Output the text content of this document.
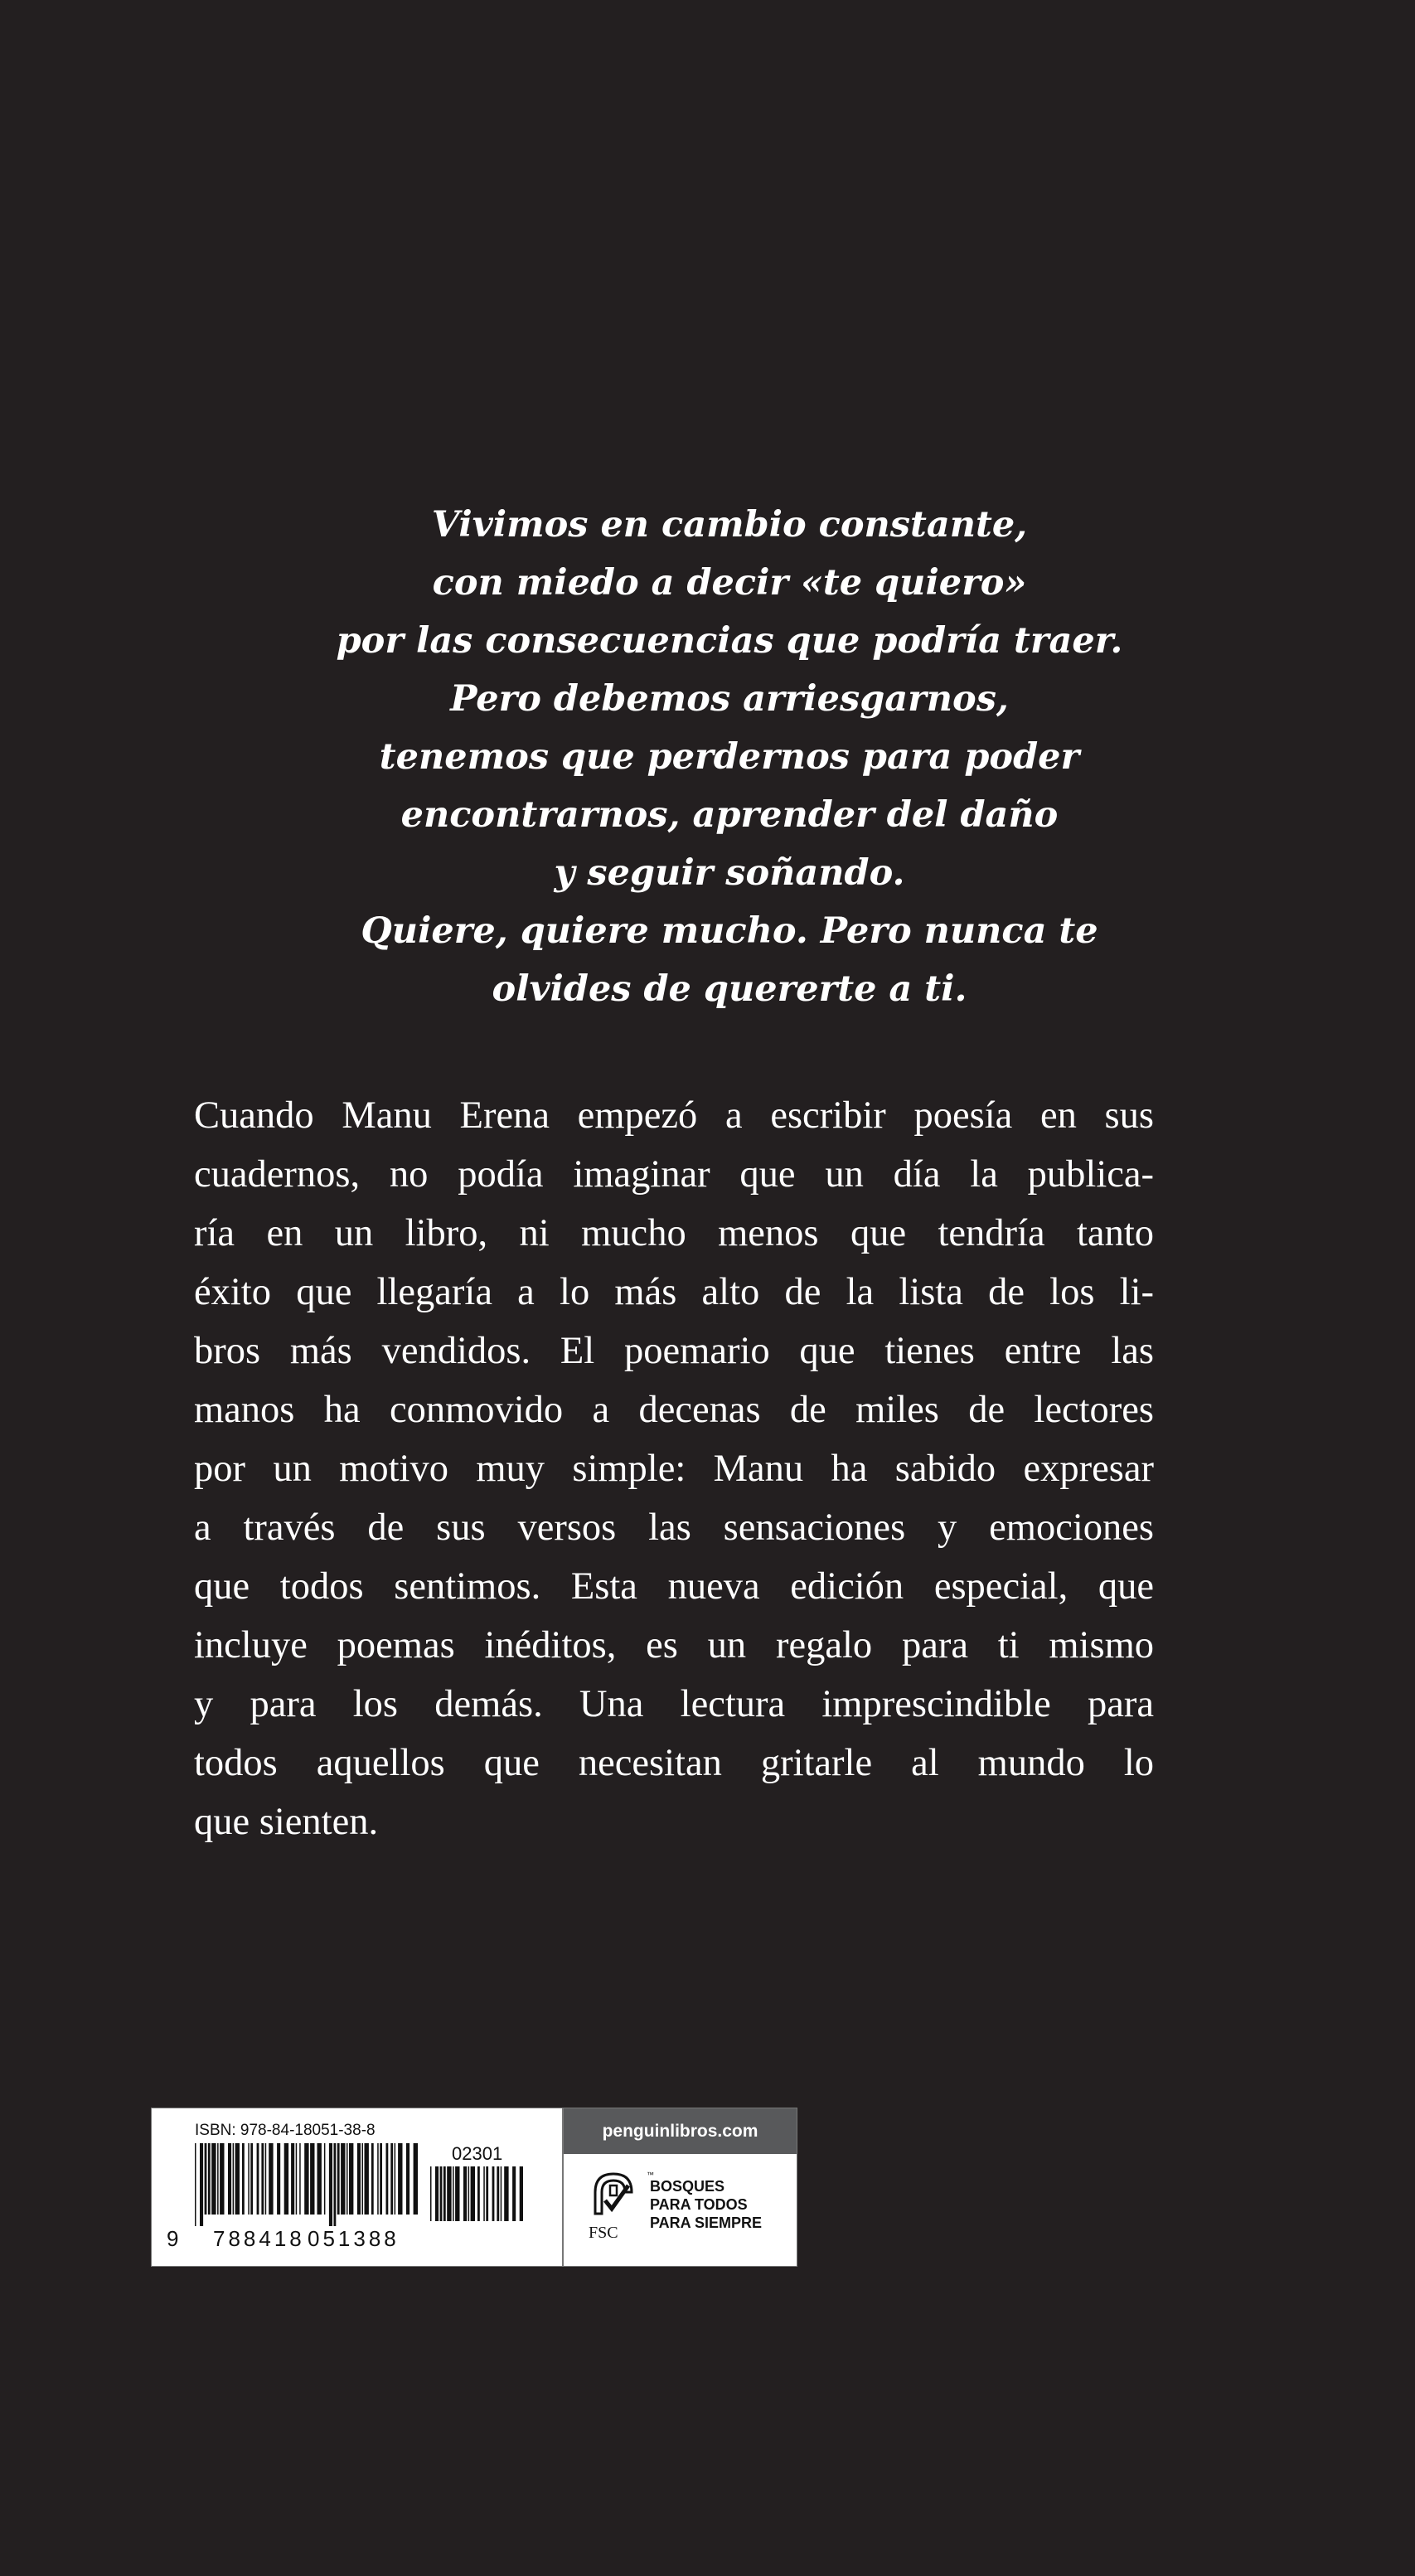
Vivimos en cambio constante,
con miedo a decir «te quiero»
por las consecuencias que podría traer.
Pero debemos arriesgarnos,
tenemos que perdernos para poder
encontrarnos, aprender del daño
y seguir soñando.
Quiere, quiere mucho. Pero nunca te
olvides de quererte a ti.

Cuando Manu Erena empezó a escribir poesía en sus
cuadernos, no podía imaginar que un día la publica-
ría en un libro, ni mucho menos que tendría tanto
éxito que llegaría a lo más alto de la lista de los li-
bros más vendidos. El poemario que tienes entre las
manos ha conmovido a decenas de miles de lectores
por un motivo muy simple: Manu ha sabido expresar
a través de sus versos las sensaciones y emociones
que todos sentimos. Esta nueva edición especial, que
incluye poemas inéditos, es un regalo para ti mismo
y para los demás. Una lectura imprescindible para
todos aquellos que necesitan gritarle al mundo lo
que sienten.

ISBN: 978-84-18051-38-8
02301
9 788418 051388
penguinlibros.com
FSC
™
BOSQUES
PARA TODOS
PARA SIEMPRE
